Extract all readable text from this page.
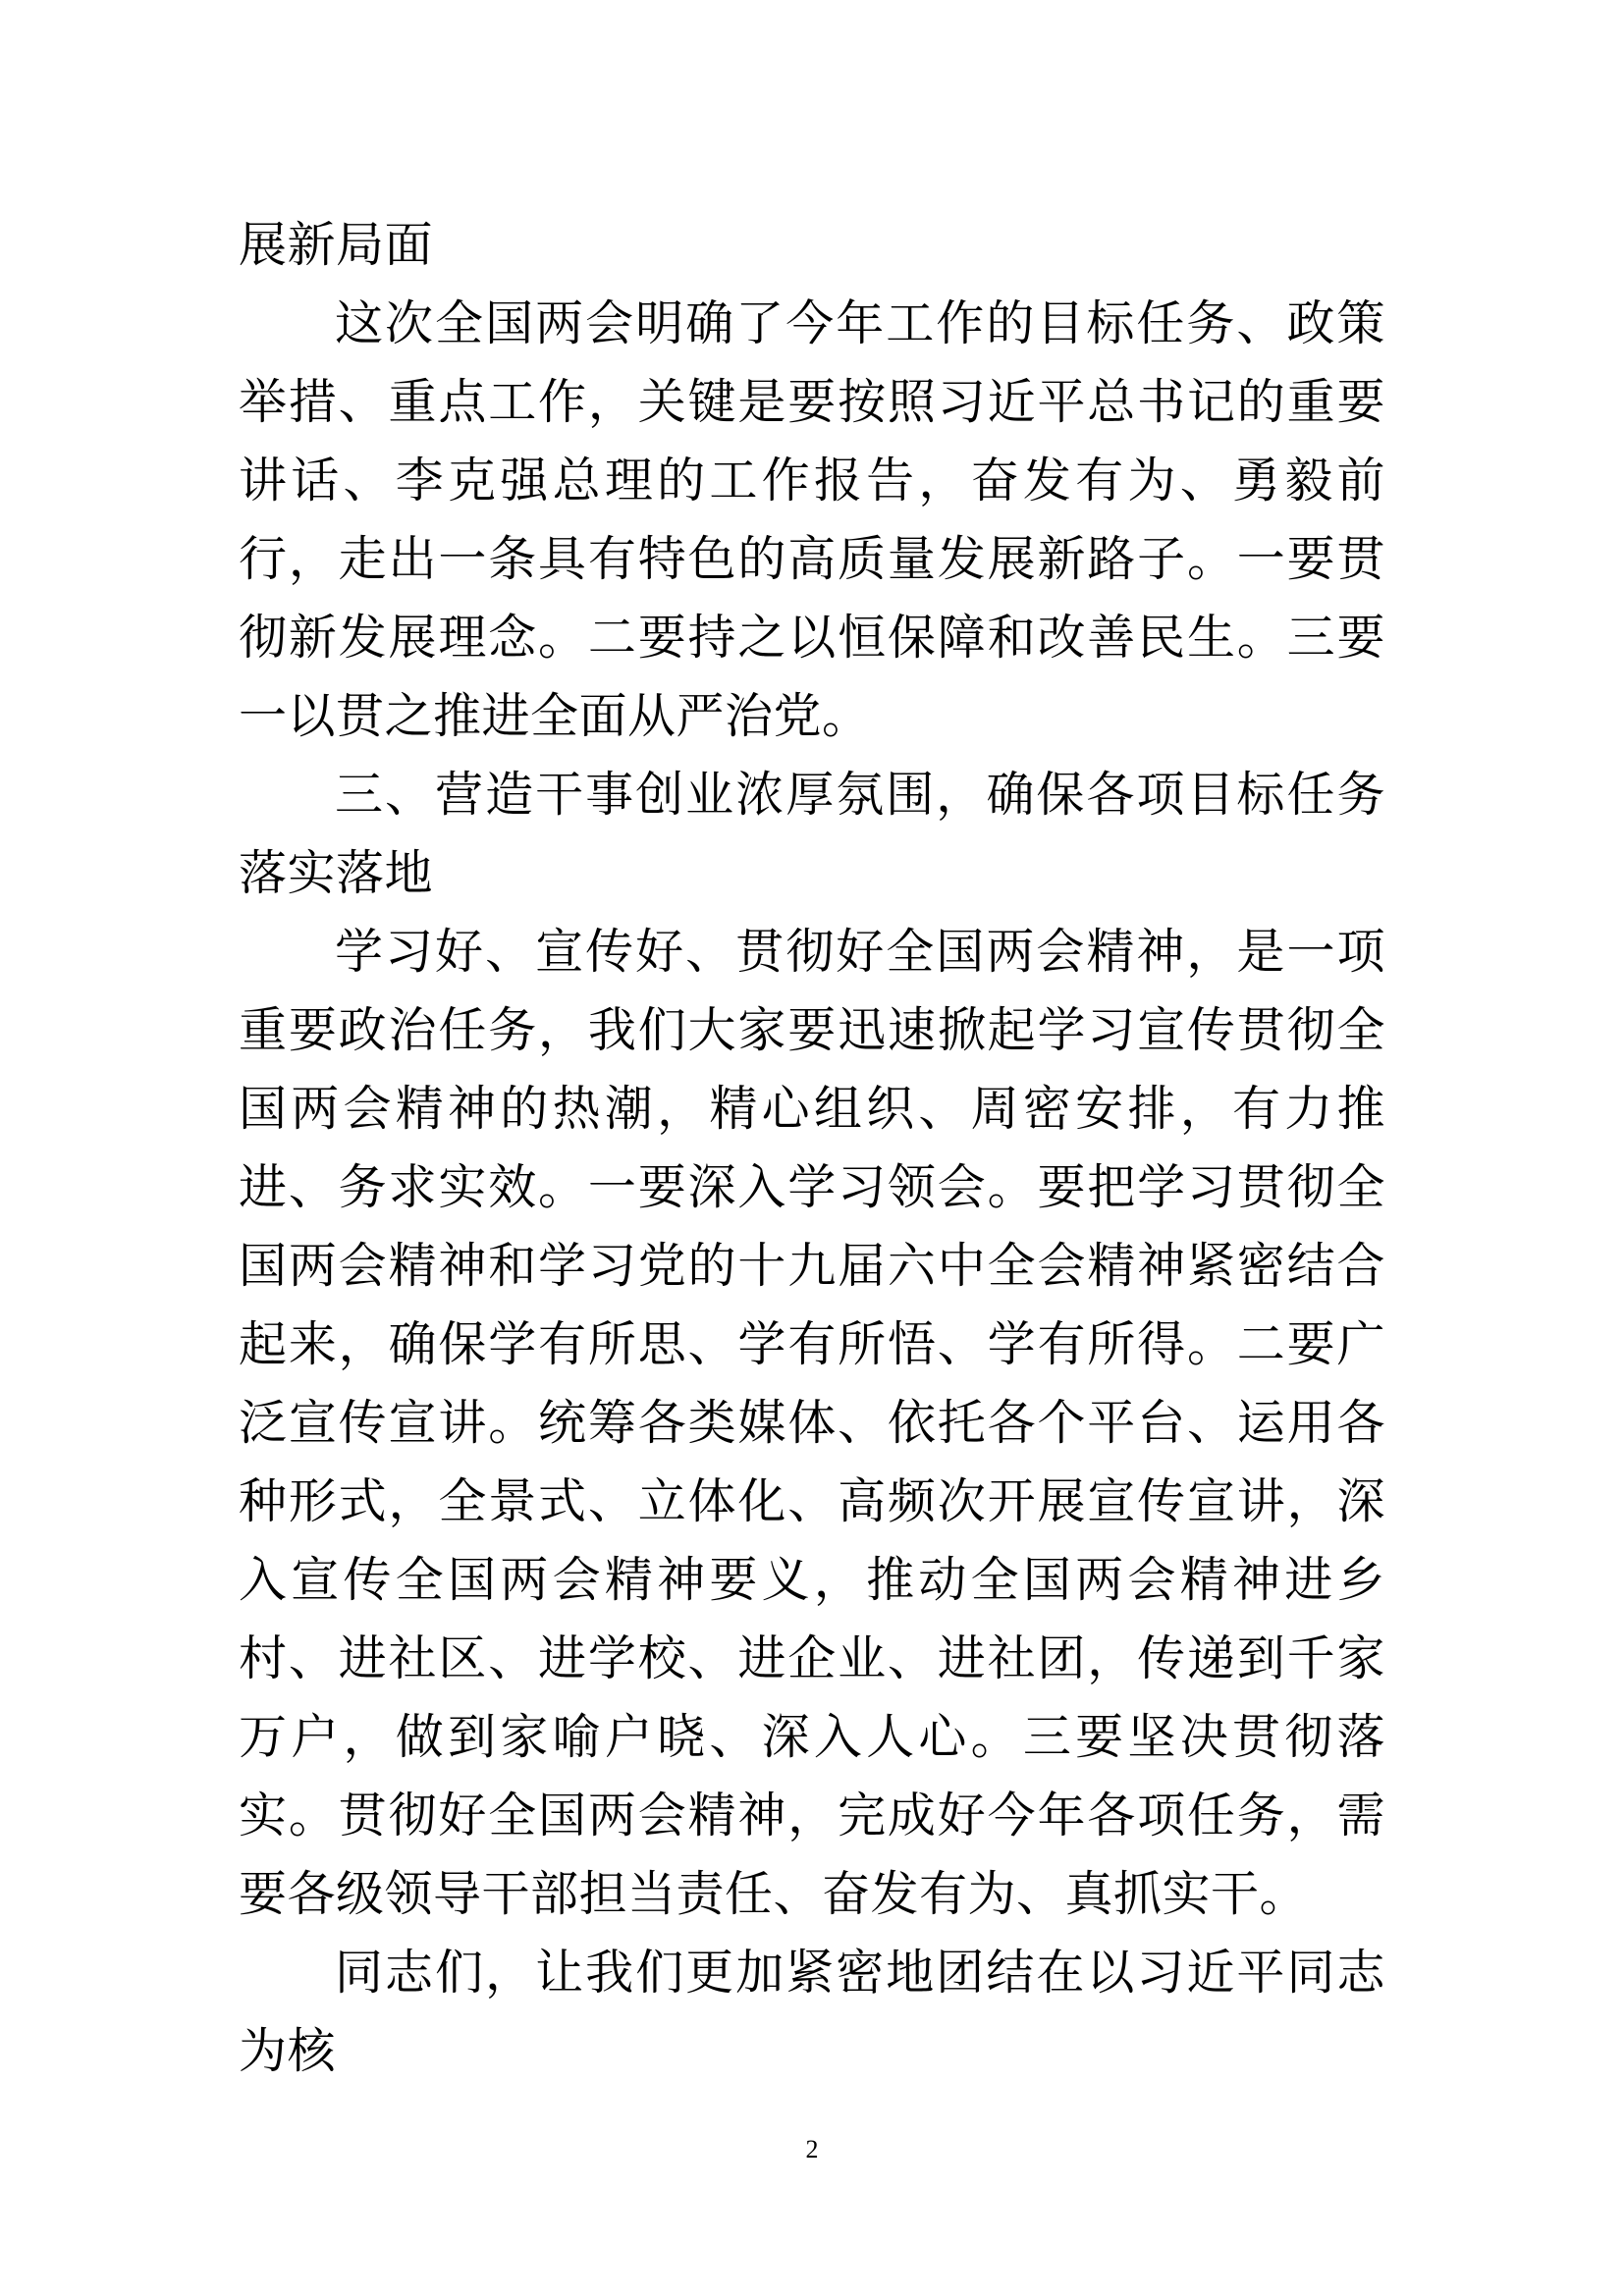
展新局面

这次全国两会明确了今年工作的目标任务、政策举措、重点工作，关键是要按照习近平总书记的重要讲话、李克强总理的工作报告，奋发有为、勇毅前行，走出一条具有特色的高质量发展新路子。一要贯彻新发展理念。二要持之以恒保障和改善民生。三要一以贯之推进全面从严治党。

三、营造干事创业浓厚氛围，确保各项目标任务落实落地

学习好、宣传好、贯彻好全国两会精神，是一项重要政治任务，我们大家要迅速掀起学习宣传贯彻全国两会精神的热潮，精心组织、周密安排，有力推进、务求实效。一要深入学习领会。要把学习贯彻全国两会精神和学习党的十九届六中全会精神紧密结合起来，确保学有所思、学有所悟、学有所得。二要广泛宣传宣讲。统筹各类媒体、依托各个平台、运用各种形式，全景式、立体化、高频次开展宣传宣讲，深入宣传全国两会精神要义，推动全国两会精神进乡村、进社区、进学校、进企业、进社团，传递到千家万户，做到家喻户晓、深入人心。三要坚决贯彻落实。贯彻好全国两会精神，完成好今年各项任务，需要各级领导干部担当责任、奋发有为、真抓实干。

同志们，让我们更加紧密地团结在以习近平同志为核

2
